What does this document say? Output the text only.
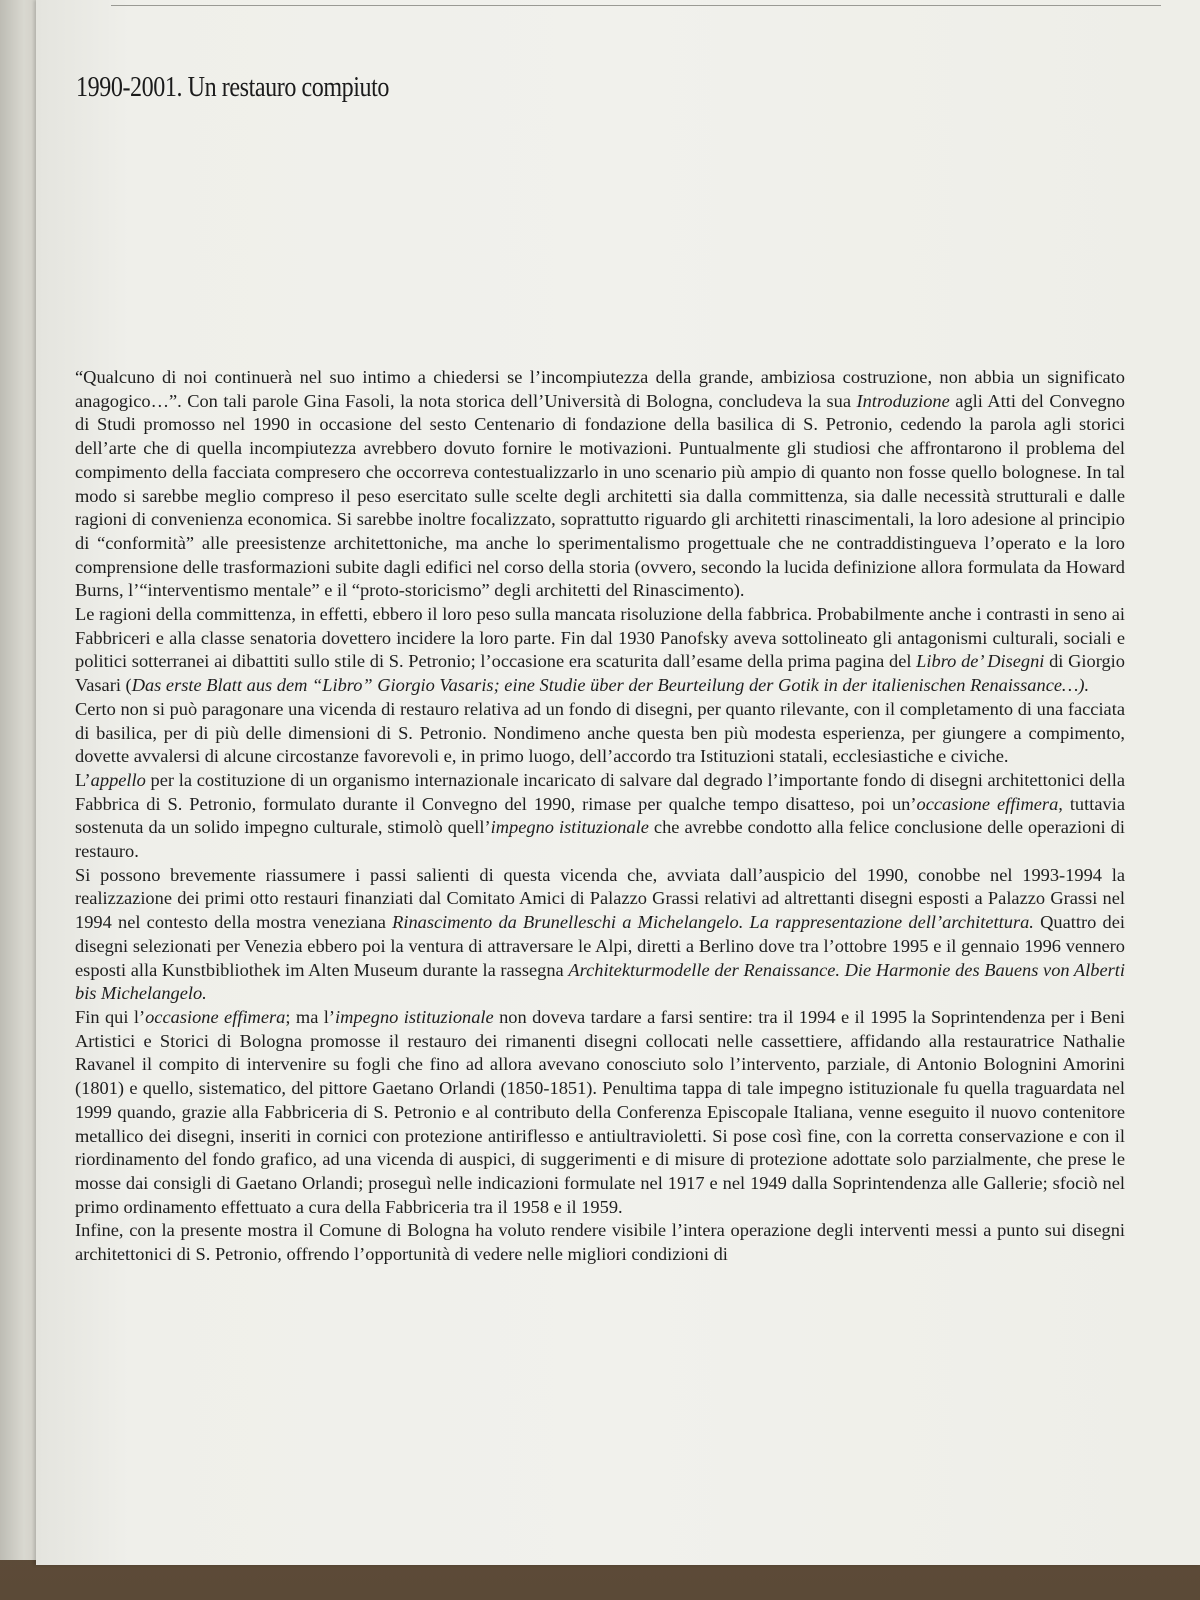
1990-2001. Un restauro compiuto

“Qualcuno di noi continuerà nel suo intimo a chiedersi se l’incompiutezza della grande, ambiziosa costruzione, non abbia un significato anagogico…”. Con tali parole Gina Fasoli, la nota storica dell’Università di Bologna, concludeva la sua Introduzione agli Atti del Convegno di Studi promosso nel 1990 in occasione del sesto Centenario di fondazione della basilica di S. Petronio, cedendo la parola agli storici dell’arte che di quella incompiutezza avrebbero dovuto fornire le motivazioni. Puntualmente gli studiosi che affrontarono il problema del compimento della facciata compresero che occorreva contestualizzarlo in uno scenario più ampio di quanto non fosse quello bolognese. In tal modo si sarebbe meglio compreso il peso esercitato sulle scelte degli architetti sia dalla committenza, sia dalle necessità strutturali e dalle ragioni di convenienza economica. Si sarebbe inoltre focalizzato, soprattutto riguardo gli architetti rinascimentali, la loro adesione al principio di “conformità” alle preesistenze architettoniche, ma anche lo sperimentalismo progettuale che ne contraddistingueva l’operato e la loro comprensione delle trasformazioni subite dagli edifici nel corso della storia (ovvero, secondo la lucida definizione allora formulata da Howard Burns, l’“interventismo mentale” e il “proto-storicismo” degli architetti del Rinascimento).

Le ragioni della committenza, in effetti, ebbero il loro peso sulla mancata risoluzione della fabbrica. Probabilmente anche i contrasti in seno ai Fabbriceri e alla classe senatoria dovettero incidere la loro parte. Fin dal 1930 Panofsky aveva sottolineato gli antagonismi culturali, sociali e politici sotterranei ai dibattiti sullo stile di S. Petronio; l’occasione era scaturita dall’esame della prima pagina del Libro de’ Disegni di Giorgio Vasari (Das erste Blatt aus dem “Libro” Giorgio Vasaris; eine Studie über der Beurteilung der Gotik in der italienischen Renaissance…).

Certo non si può paragonare una vicenda di restauro relativa ad un fondo di disegni, per quanto rilevante, con il completamento di una facciata di basilica, per di più delle dimensioni di S. Petronio. Nondimeno anche questa ben più modesta esperienza, per giungere a compimento, dovette avvalersi di alcune circostanze favorevoli e, in primo luogo, dell’accordo tra Istituzioni statali, ecclesiastiche e civiche.

L’appello per la costituzione di un organismo internazionale incaricato di salvare dal degrado l’importante fondo di disegni architettonici della Fabbrica di S. Petronio, formulato durante il Convegno del 1990, rimase per qualche tempo disatteso, poi un’occasione effimera, tuttavia sostenuta da un solido impegno culturale, stimolò quell’impegno istituzionale che avrebbe condotto alla felice conclusione delle operazioni di restauro.

Si possono brevemente riassumere i passi salienti di questa vicenda che, avviata dall’auspicio del 1990, conobbe nel 1993-1994 la realizzazione dei primi otto restauri finanziati dal Comitato Amici di Palazzo Grassi relativi ad altrettanti disegni esposti a Palazzo Grassi nel 1994 nel contesto della mostra veneziana Rinascimento da Brunelleschi a Michelangelo. La rappresentazione dell’architettura. Quattro dei disegni selezionati per Venezia ebbero poi la ventura di attraversare le Alpi, diretti a Berlino dove tra l’ottobre 1995 e il gennaio 1996 vennero esposti alla Kunstbibliothek im Alten Museum durante la rassegna Architekturmodelle der Renaissance. Die Harmonie des Bauens von Alberti bis Michelangelo.

Fin qui l’occasione effimera; ma l’impegno istituzionale non doveva tardare a farsi sentire: tra il 1994 e il 1995 la Soprintendenza per i Beni Artistici e Storici di Bologna promosse il restauro dei rimanenti disegni collocati nelle cassettiere, affidando alla restauratrice Nathalie Ravanel il compito di intervenire su fogli che fino ad allora avevano conosciuto solo l’intervento, parziale, di Antonio Bolognini Amorini (1801) e quello, sistematico, del pittore Gaetano Orlandi (1850-1851). Penultima tappa di tale impegno istituzionale fu quella traguardata nel 1999 quando, grazie alla Fabbriceria di S. Petronio e al contributo della Conferenza Episcopale Italiana, venne eseguito il nuovo contenitore metallico dei disegni, inseriti in cornici con protezione antiriflesso e antiultravioletti. Si pose così fine, con la corretta conservazione e con il riordinamento del fondo grafico, ad una vicenda di auspici, di suggerimenti e di misure di protezione adottate solo parzialmente, che prese le mosse dai consigli di Gaetano Orlandi; proseguì nelle indicazioni formulate nel 1917 e nel 1949 dalla Soprintendenza alle Gallerie; sfociò nel primo ordinamento effettuato a cura della Fabbriceria tra il 1958 e il 1959.

Infine, con la presente mostra il Comune di Bologna ha voluto rendere visibile l’intera operazione degli interventi messi a punto sui disegni architettonici di S. Petronio, offrendo l’opportunità di vedere nelle migliori condizioni di
